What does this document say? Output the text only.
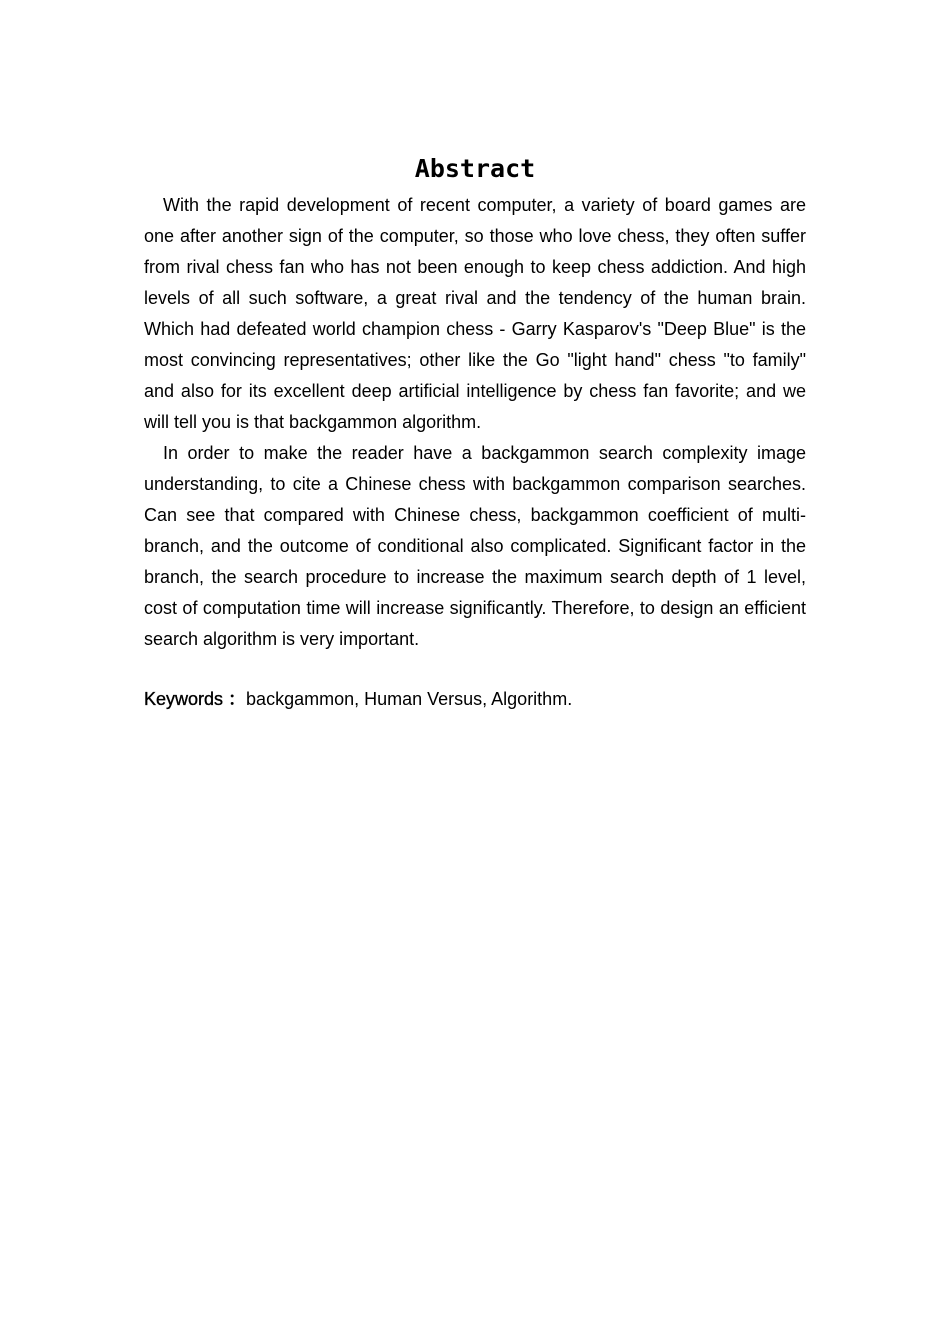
Abstract

With the rapid development of recent computer, a variety of board games are one after another sign of the computer, so those who love chess, they often suffer from rival chess fan who has not been enough to keep chess addiction. And high levels of all such software, a great rival and the tendency of the human brain. Which had defeated world champion chess - Garry Kasparov's "Deep Blue" is the most convincing representatives; other like the Go "light hand" chess "to family" and also for its excellent deep artificial intelligence by chess fan favorite; and we will tell you is that backgammon algorithm.

In order to make the reader have a backgammon search complexity image understanding, to cite a Chinese chess with backgammon comparison searches. Can see that compared with Chinese chess, backgammon coefficient of multi-branch, and the outcome of conditional also complicated. Significant factor in the branch, the search procedure to increase the maximum search depth of 1 level, cost of computation time will increase significantly. Therefore, to design an efficient search algorithm is very important.

Keywords ：backgammon, Human Versus, Algorithm.
